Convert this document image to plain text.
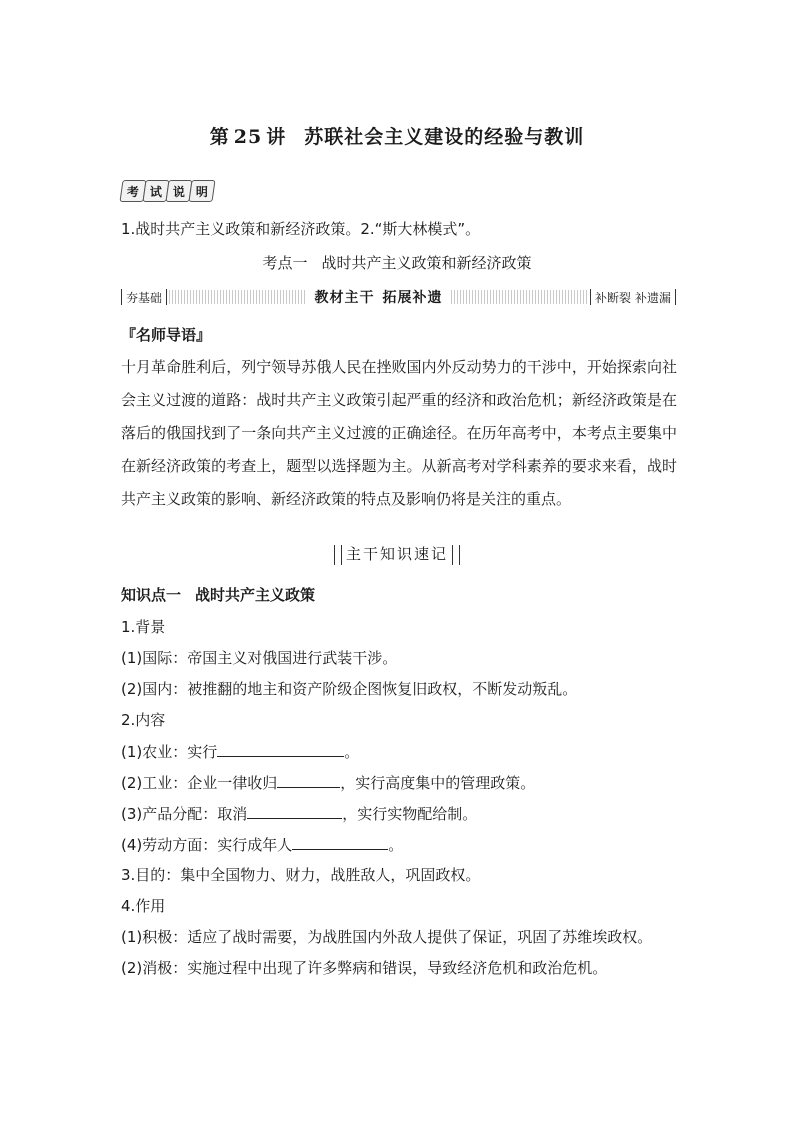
第 25 讲 苏联社会主义建设的经验与教训
考 试 说 明
1.战时共产主义政策和新经济政策。2.“斯大林模式”。
考点一 战时共产主义政策和新经济政策
夯基础	教材主干 拓展补遗	补断裂 补遗漏
『名师导语』
十月革命胜利后，列宁领导苏俄人民在挫败国内外反动势力的干涉中，开始探索向社会主义过渡的道路：战时共产主义政策引起严重的经济和政治危机；新经济政策是在落后的俄国找到了一条向共产主义过渡的正确途径。在历年高考中，本考点主要集中在新经济政策的考查上，题型以选择题为主。从新高考对学科素养的要求来看，战时共产主义政策的影响、新经济政策的特点及影响仍将是关注的重点。
主干知识速记
知识点一 战时共产主义政策
1.背景
(1)国际：帝国主义对俄国进行武装干涉。
(2)国内：被推翻的地主和资产阶级企图恢复旧政权，不断发动叛乱。
2.内容
(1)农业：实行	。
(2)工业：企业一律收归	，实行高度集中的管理政策。
(3)产品分配：取消	，实行实物配给制。
(4)劳动方面：实行成年人	。
3.目的：集中全国物力、财力，战胜敌人，巩固政权。
4.作用
(1)积极：适应了战时需要，为战胜国内外敌人提供了保证，巩固了苏维埃政权。
(2)消极：实施过程中出现了许多弊病和错误，导致经济危机和政治危机。
